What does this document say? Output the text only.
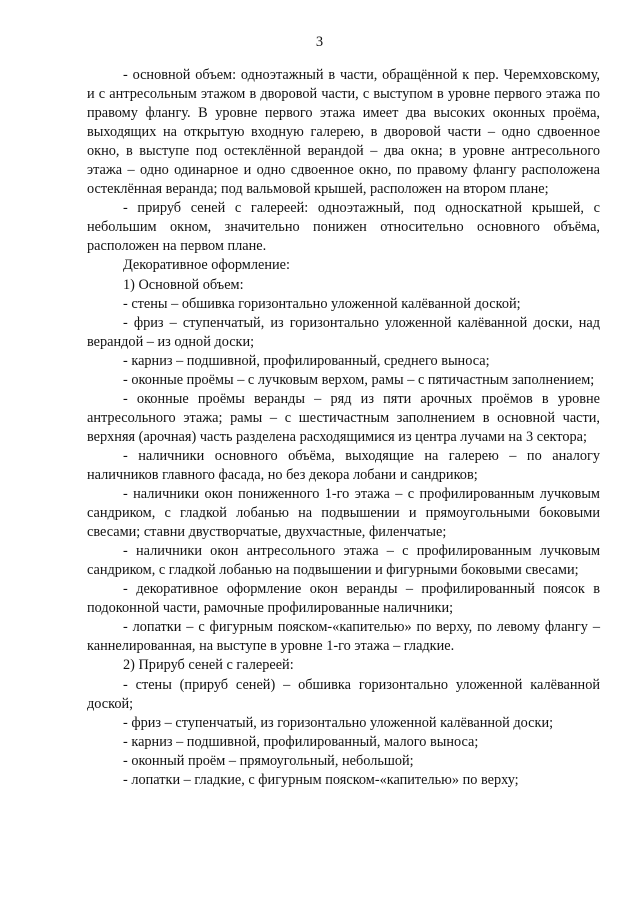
3

- основной объем: одноэтажный в части, обращённой к пер. Черемховскому, и с антресольным этажом в дворовой части, с выступом в уровне первого этажа по правому флангу. В уровне первого этажа имеет два высоких оконных проёма, выходящих на открытую входную галерею, в дворовой части – одно сдвоенное окно, в выступе под остеклённой верандой – два окна; в уровне антресольного этажа – одно одинарное и одно сдвоенное окно, по правому флангу расположена остеклённая веранда; под вальмовой крышей, расположен на втором плане;

- прируб сеней с галереей: одноэтажный, под односкатной крышей, с небольшим окном, значительно понижен относительно основного объёма, расположен на первом плане.

Декоративное оформление:

1) Основной объем:

- стены – обшивка горизонтально уложенной калёванной доской;

- фриз – ступенчатый, из горизонтально уложенной калёванной доски, над верандой – из одной доски;

- карниз – подшивной, профилированный, среднего выноса;

- оконные проёмы – с лучковым верхом, рамы – с пятичастным заполнением;

- оконные проёмы веранды – ряд из пяти арочных проёмов в уровне антресольного этажа; рамы – с шестичастным заполнением в основной части, верхняя (арочная) часть разделена расходящимися из центра лучами на 3 сектора;

- наличники основного объёма, выходящие на галерею – по аналогу наличников главного фасада, но без декора лобани и сандриков;

- наличники окон пониженного 1-го этажа – с профилированным лучковым сандриком, с гладкой лобанью на подвышении и прямоугольными боковыми свесами; ставни двустворчатые, двухчастные, филенчатые;

- наличники окон антресольного этажа – с профилированным лучковым сандриком, с гладкой лобанью на подвышении и фигурными боковыми свесами;

- декоративное оформление окон веранды – профилированный поясок в подоконной части, рамочные профилированные наличники;

- лопатки – с фигурным пояском-«капителью» по верху, по левому флангу – каннелированная, на выступе в уровне 1-го этажа – гладкие.

2) Прируб сеней с галереей:

- стены (прируб сеней) – обшивка горизонтально уложенной калёванной доской;

- фриз – ступенчатый, из горизонтально уложенной калёванной доски;

- карниз – подшивной, профилированный, малого выноса;

- оконный проём – прямоугольный, небольшой;

- лопатки – гладкие, с фигурным пояском-«капителью» по верху;
